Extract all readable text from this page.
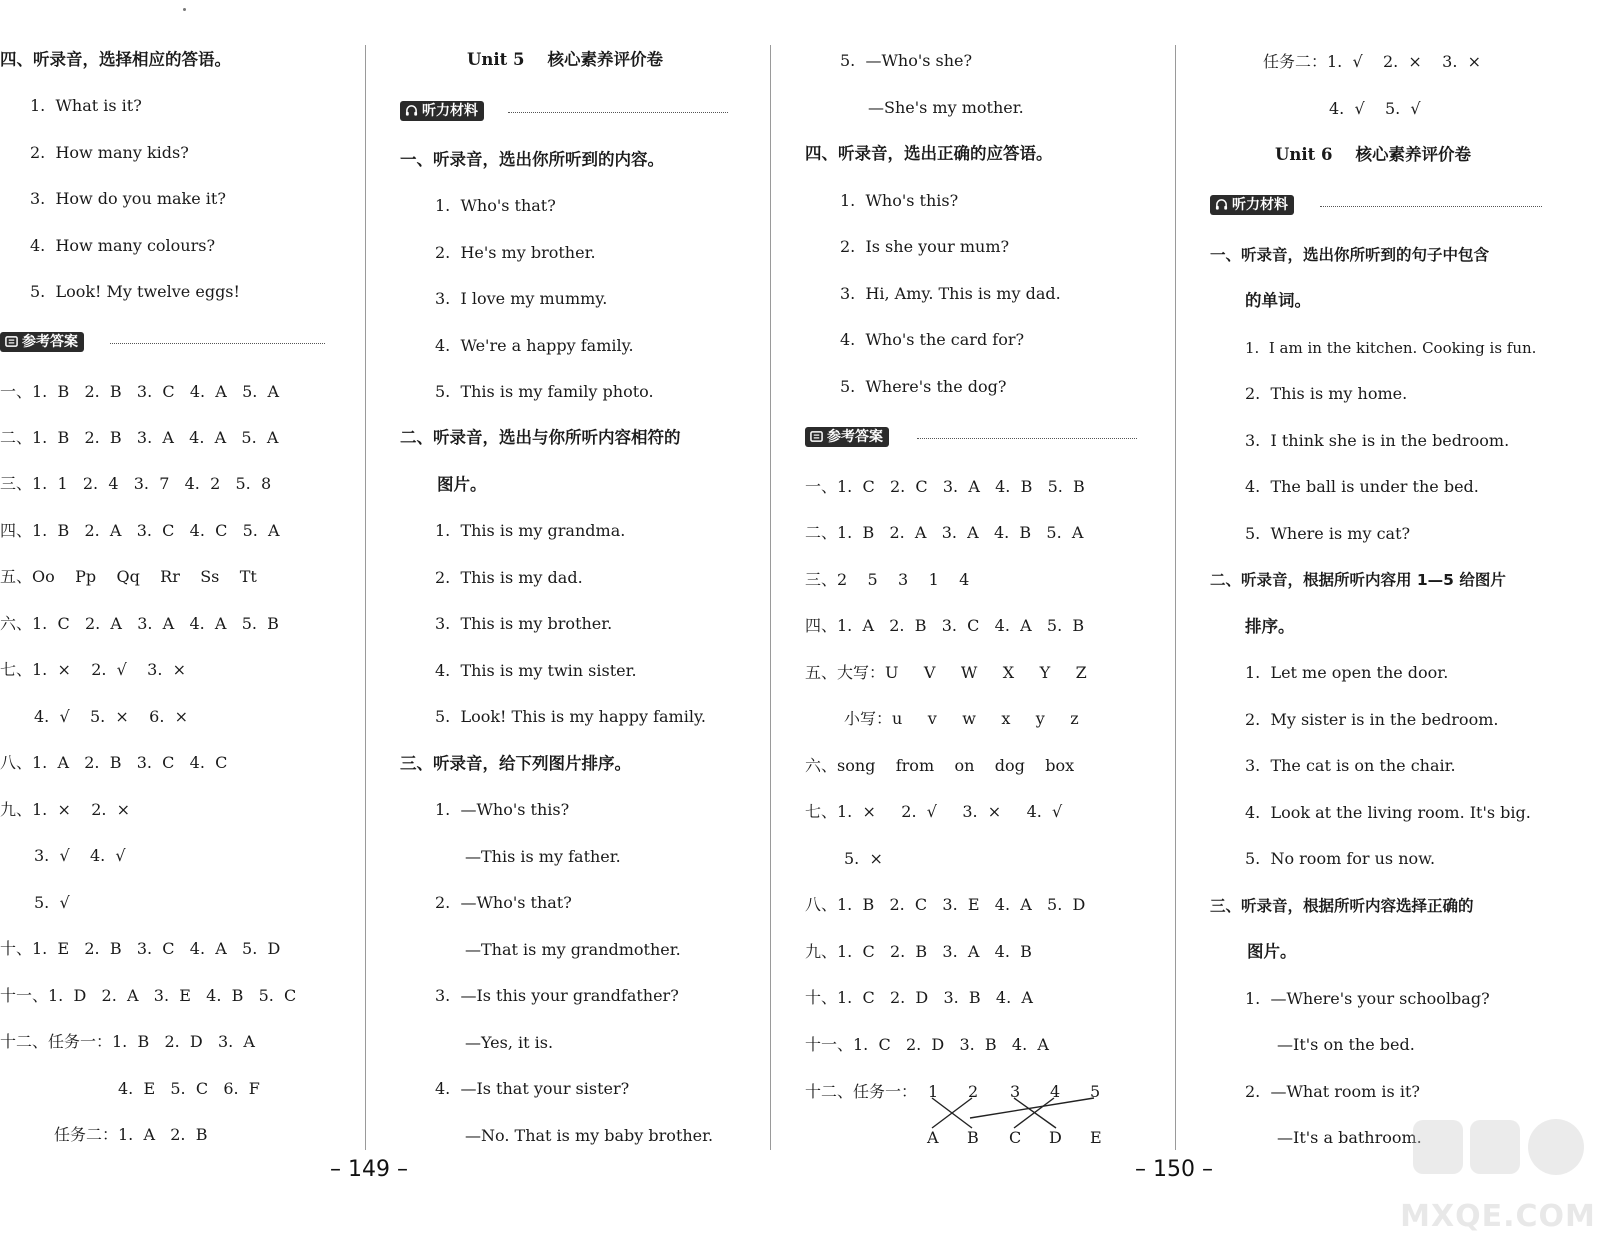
四、听录音，选择相应的答语。
1.  What is it?
2.  How many kids?
3.  How do you make it?
4.  How many colours?
5.  Look! My twelve eggs!
参考答案
一、1.  B   2.  B   3.  C   4.  A   5.  A
二、1.  B   2.  B   3.  A   4.  A   5.  A
三、1.  1   2.  4   3.  7   4.  2   5.  8
四、1.  B   2.  A   3.  C   4.  C   5.  A
五、Oo    Pp    Qq    Rr    Ss    Tt
六、1.  C   2.  A   3.  A   4.  A   5.  B
七、1.  ×    2.  √    3.  ×
4.  √    5.  ×    6.  ×
八、1.  A   2.  B   3.  C   4.  C
九、1.  ×    2.  ×
3.  √    4.  √
5.  √
十、1.  E   2.  B   3.  C   4.  A   5.  D
十一、1.  D   2.  A   3.  E   4.  B   5.  C
十二、任务一：1.  B   2.  D   3.  A
4.  E   5.  C   6.  F
任务二：1.  A   2.  B
Unit 5    核心素养评价卷
听力材料
一、听录音，选出你所听到的内容。
1.  Who's that?
2.  He's my brother.
3.  I love my mummy.
4.  We're a happy family.
5.  This is my family photo.
二、听录音，选出与你所听内容相符的
图片。
1.  This is my grandma.
2.  This is my dad.
3.  This is my brother.
4.  This is my twin sister.
5.  Look! This is my happy family.
三、听录音，给下列图片排序。
1.  —Who's this?
—This is my father.
2.  —Who's that?
—That is my grandmother.
3.  —Is this your grandfather?
—Yes, it is.
4.  —Is that your sister?
—No. That is my baby brother.
5.  —Who's she?
—She's my mother.
四、听录音，选出正确的应答语。
1.  Who's this?
2.  Is she your mum?
3.  Hi, Amy. This is my dad.
4.  Who's the card for?
5.  Where's the dog?
参考答案
一、1.  C   2.  C   3.  A   4.  B   5.  B
二、1.  B   2.  A   3.  A   4.  B   5.  A
三、2    5    3    1    4
四、1.  A   2.  B   3.  C   4.  A   5.  B
五、大写：U     V     W     X     Y     Z
小写：u     v     w     x     y     z
六、song    from    on    dog    box
七、1.  ×     2.  √     3.  ×     4.  √
5.  ×
八、1.  B   2.  C   3.  E   4.  A   5.  D
九、1.  C   2.  B   3.  A   4.  B
十、1.  C   2.  D   3.  B   4.  A
十一、1.  C   2.  D   3.  B   4.  A
十二、任务一： 1 2 3 4 5
A B C D E
任务二：1.  √    2.  ×    3.  ×
4.  √    5.  √
Unit 6    核心素养评价卷
听力材料
一、听录音，选出你所听到的句子中包含
的单词。
1.  I am in the kitchen. Cooking is fun.
2.  This is my home.
3.  I think she is in the bedroom.
4.  The ball is under the bed.
5.  Where is my cat?
二、听录音，根据所听内容用 1—5 给图片
排序。
1.  Let me open the door.
2.  My sister is in the bedroom.
3.  The cat is on the chair.
4.  Look at the living room. It's big.
5.  No room for us now.
三、听录音，根据所听内容选择正确的
图片。
1.  —Where's your schoolbag?
—It's on the bed.
2.  —What room is it?
—It's a bathroom.
– 149 –	– 150 –
MXQE.COM
